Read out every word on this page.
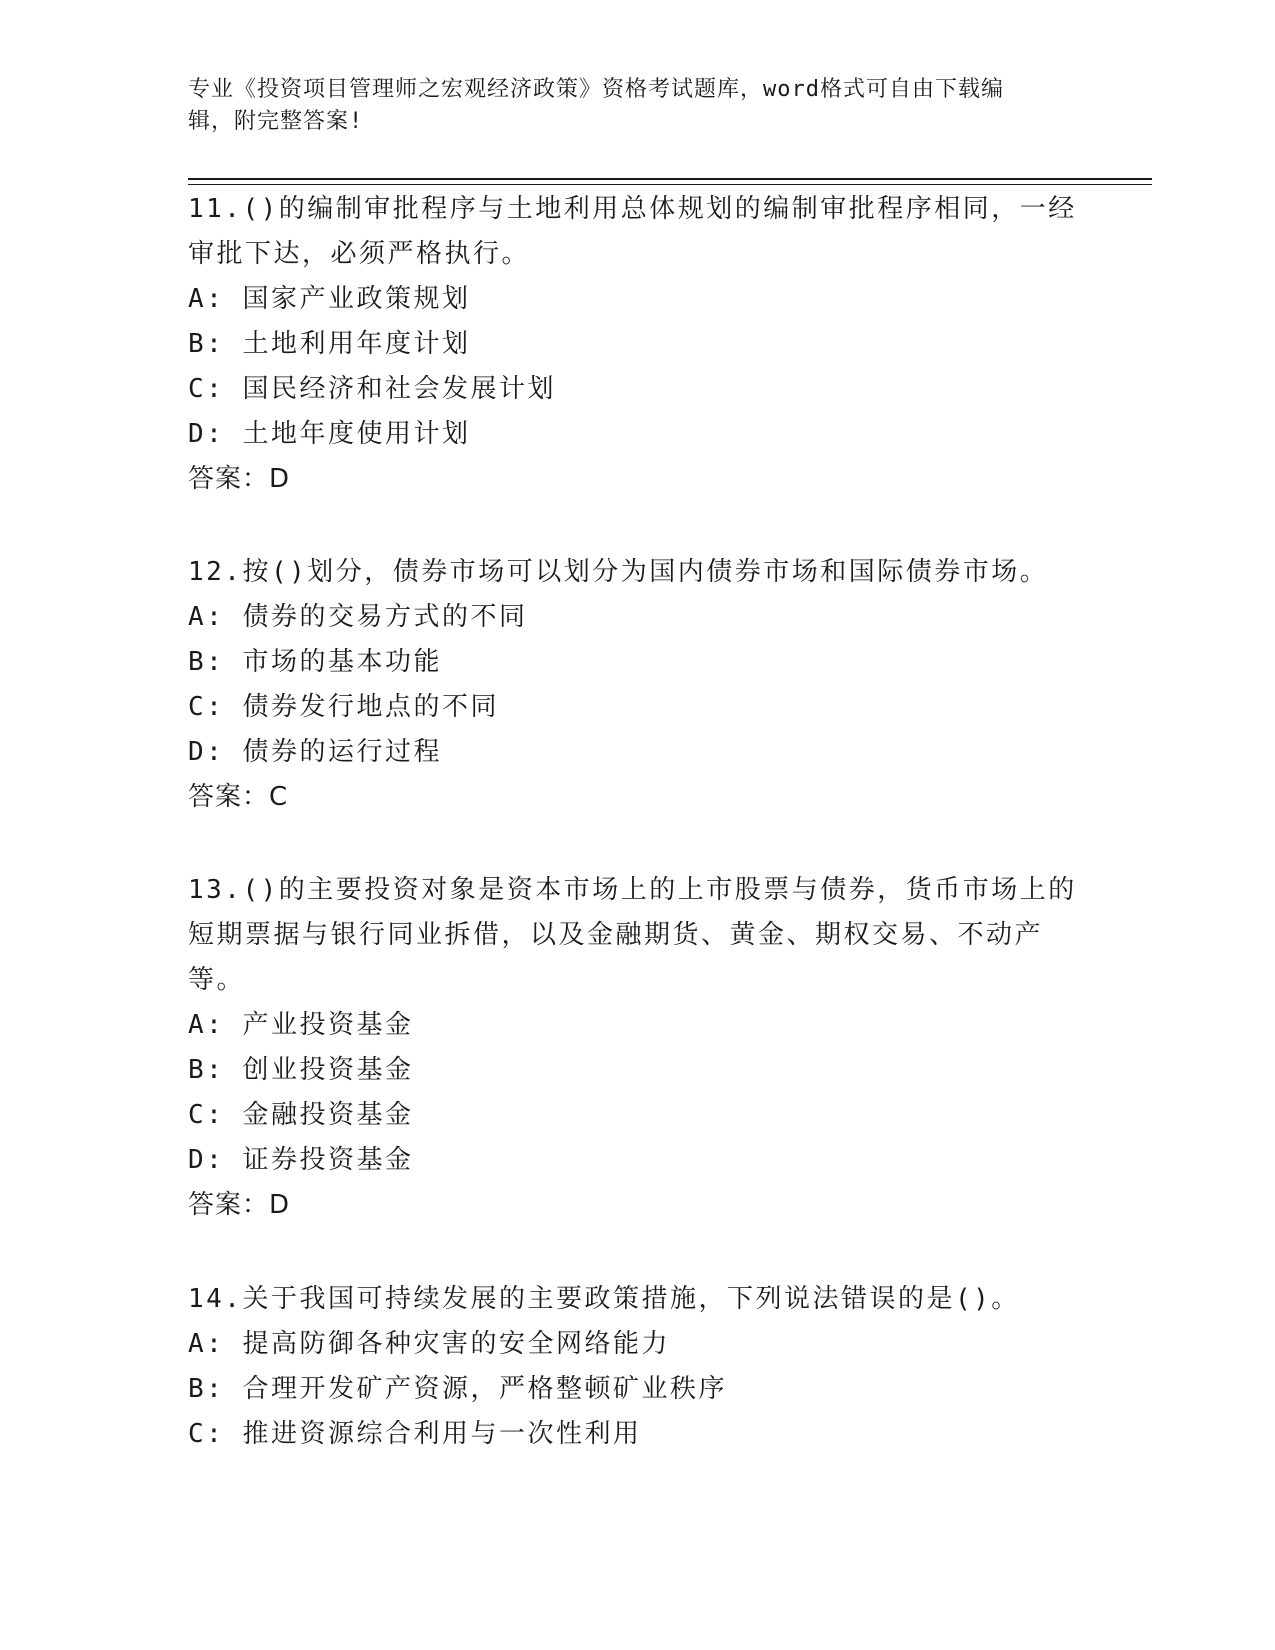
专业《投资项目管理师之宏观经济政策》资格考试题库，word格式可自由下载编
辑，附完整答案!
11.()的编制审批程序与土地利用总体规划的编制审批程序相同，一经
审批下达，必须严格执行。
A: 国家产业政策规划
B: 土地利用年度计划
C: 国民经济和社会发展计划
D: 土地年度使用计划
答案：D
12.按()划分，债券市场可以划分为国内债券市场和国际债券市场。
A: 债券的交易方式的不同
B: 市场的基本功能
C: 债券发行地点的不同
D: 债券的运行过程
答案：C
13.()的主要投资对象是资本市场上的上市股票与债券，货币市场上的
短期票据与银行同业拆借，以及金融期货、黄金、期权交易、不动产
等。
A: 产业投资基金
B: 创业投资基金
C: 金融投资基金
D: 证券投资基金
答案：D
14.关于我国可持续发展的主要政策措施，下列说法错误的是()。
A: 提高防御各种灾害的安全网络能力
B: 合理开发矿产资源，严格整顿矿业秩序
C: 推进资源综合利用与一次性利用
